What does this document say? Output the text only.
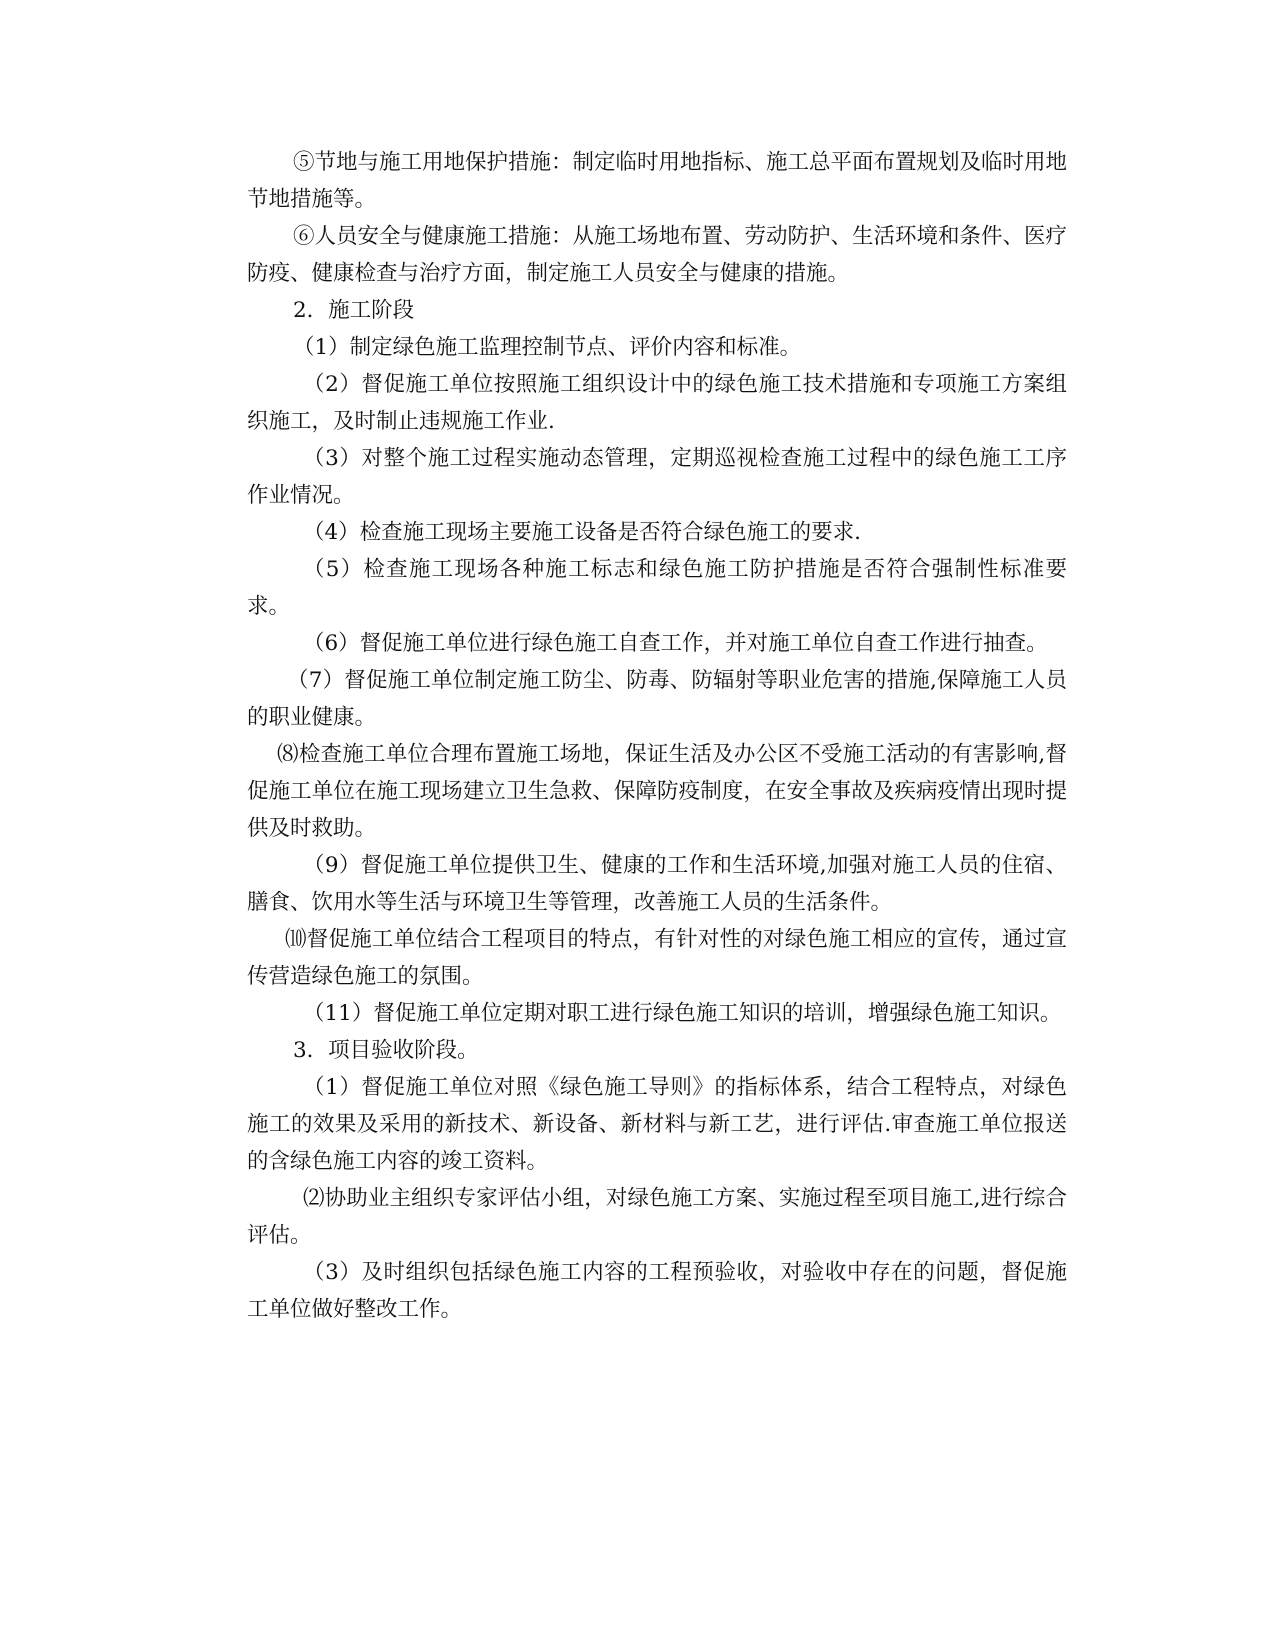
⑤节地与施工用地保护措施：制定临时用地指标、施工总平面布置规划及临时用地节地措施等。

⑥人员安全与健康施工措施：从施工场地布置、劳动防护、生活环境和条件、医疗防疫、健康检查与治疗方面，制定施工人员安全与健康的措施。

2．施工阶段

（1）制定绿色施工监理控制节点、评价内容和标准。

（2）督促施工单位按照施工组织设计中的绿色施工技术措施和专项施工方案组织施工，及时制止违规施工作业.

（3）对整个施工过程实施动态管理，定期巡视检查施工过程中的绿色施工工序作业情况。

（4）检查施工现场主要施工设备是否符合绿色施工的要求.

（5）检查施工现场各种施工标志和绿色施工防护措施是否符合强制性标准要求。

（6）督促施工单位进行绿色施工自查工作，并对施工单位自查工作进行抽查。

（7）督促施工单位制定施工防尘、防毒、防辐射等职业危害的措施,保障施工人员的职业健康。

⑻检查施工单位合理布置施工场地，保证生活及办公区不受施工活动的有害影响,督促施工单位在施工现场建立卫生急救、保障防疫制度，在安全事故及疾病疫情出现时提供及时救助。

（9）督促施工单位提供卫生、健康的工作和生活环境,加强对施工人员的住宿、膳食、饮用水等生活与环境卫生等管理，改善施工人员的生活条件。

⑽督促施工单位结合工程项目的特点，有针对性的对绿色施工相应的宣传，通过宣传营造绿色施工的氛围。

（11）督促施工单位定期对职工进行绿色施工知识的培训，增强绿色施工知识。

3．项目验收阶段。

（1）督促施工单位对照《绿色施工导则》的指标体系，结合工程特点，对绿色施工的效果及采用的新技术、新设备、新材料与新工艺，进行评估.审查施工单位报送的含绿色施工内容的竣工资料。

⑵协助业主组织专家评估小组，对绿色施工方案、实施过程至项目施工,进行综合评估。

（3）及时组织包括绿色施工内容的工程预验收，对验收中存在的问题，督促施工单位做好整改工作。
